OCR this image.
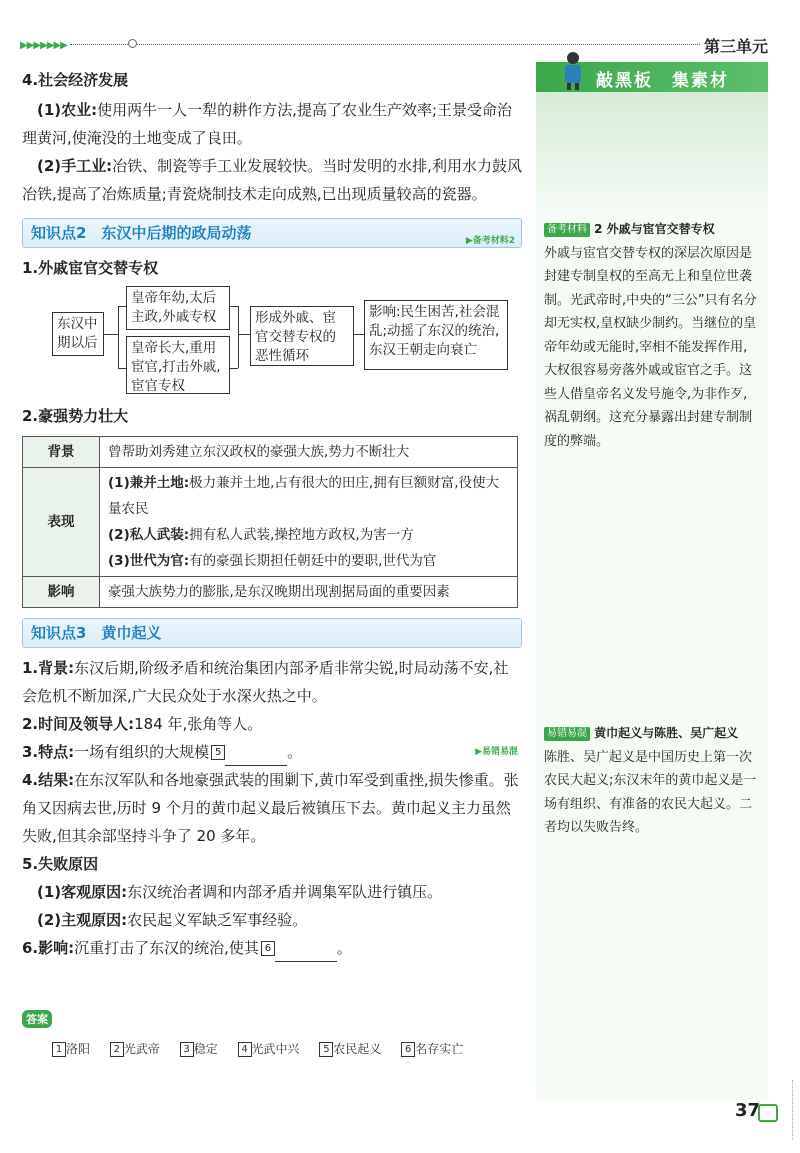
▶▶▶▶▶▶▶	第三单元
敲黑板　集素材
4.社会经济发展

　(1)农业:使用两牛一人一犁的耕作方法,提高了农业生产效率;王景受命治理黄河,使淹没的土地变成了良田。

　(2)手工业:冶铁、制瓷等手工业发展较快。当时发明的水排,利用水力鼓风冶铁,提高了冶炼质量;青瓷烧制技术走向成熟,已出现质量较高的瓷器。

知识点2　东汉中后期的政局动荡	▶备考材料2
1.外戚宦官交替专权
东汉中期以后
皇帝年幼,太后主政,外戚专权
皇帝长大,重用宦官,打击外戚,宦官专权
形成外戚、宦官交替专权的恶性循环
影响:民生困苦,社会混乱;动摇了东汉的统治,东汉王朝走向衰亡
2.豪强势力壮大
背景	曾帮助刘秀建立东汉政权的豪强大族,势力不断壮大
表现	(1)兼并土地:极力兼并土地,占有很大的田庄,拥有巨额财富,役使大量农民
(2)私人武装:拥有私人武装,操控地方政权,为害一方
(3)世代为官:有的豪强长期担任朝廷中的要职,世代为官

影响	豪强大族势力的膨胀,是东汉晚期出现割据局面的重要因素
知识点3　黄巾起义

1.背景:东汉后期,阶级矛盾和统治集团内部矛盾非常尖锐,时局动荡不安,社会危机不断加深,广大民众处于水深火热之中。

2.时间及领导人:184 年,张角等人。

3.特点:一场有组织的大规模 5	。	▶易错易混

4.结果:在东汉军队和各地豪强武装的围剿下,黄巾军受到重挫,损失惨重。张角又因病去世,历时 9 个月的黄巾起义最后被镇压下去。黄巾起义主力虽然失败,但其余部坚持斗争了 20 多年。

5.失败原因

　(1)客观原因:东汉统治者调和内部矛盾并调集军队进行镇压。

　(2)主观原因:农民起义军缺乏军事经验。

6.影响:沉重打击了东汉的统治,使其 6	。

答案
1 洛阳 2 光武帝 3 稳定 4 光武中兴 5 农民起义 6 名存实亡
备考材料 2 外戚与宦官交替专权
外戚与宦官交替专权的深层次原因是封建专制皇权的至高无上和皇位世袭制。光武帝时,中央的“三公”只有名分却无实权,皇权缺少制约。当继位的皇帝年幼或无能时,宰相不能发挥作用,大权很容易旁落外戚或宦官之手。这些人借皇帝名义发号施令,为非作歹,祸乱朝纲。这充分暴露出封建专制制度的弊端。
易错易混 黄巾起义与陈胜、吴广起义
陈胜、吴广起义是中国历史上第一次农民大起义;东汉末年的黄巾起义是一场有组织、有准备的农民大起义。二者均以失败告终。
37
